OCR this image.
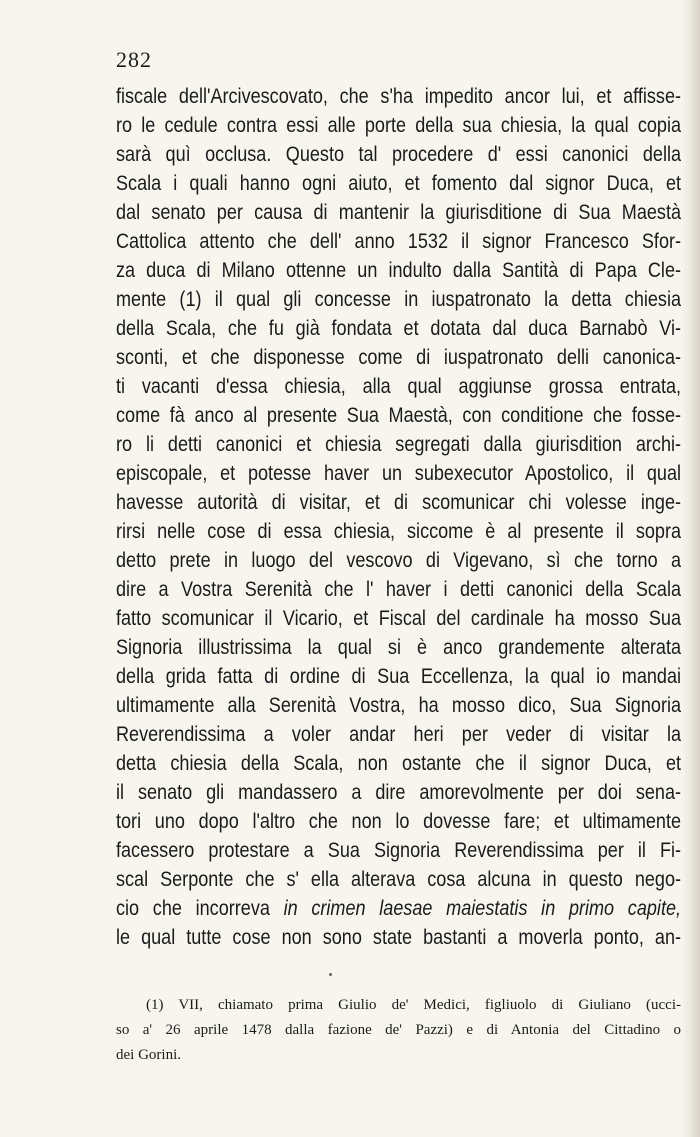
282
fiscale dell'Arcivescovato, che s'ha impedito ancor lui, et affisse-
ro le cedule contra essi alle porte della sua chiesia, la qual copia
sarà quì occlusa. Questo tal procedere d' essi canonici della
Scala i quali hanno ogni aiuto, et fomento dal signor Duca, et
dal senato per causa di mantenir la giurisditione di Sua Maestà
Cattolica attento che dell' anno 1532 il signor Francesco Sfor-
za duca di Milano ottenne un indulto dalla Santità di Papa Cle-
mente (1) il qual gli concesse in iuspatronato la detta chiesia
della Scala, che fu già fondata et dotata dal duca Barnabò Vi-
sconti, et che disponesse come di iuspatronato delli canonica-
ti vacanti d'essa chiesia, alla qual aggiunse grossa entrata,
come fà anco al presente Sua Maestà, con conditione che fosse-
ro li detti canonici et chiesia segregati dalla giurisdition archi-
episcopale, et potesse haver un subexecutor Apostolico, il qual
havesse autorità di visitar, et di scomunicar chi volesse inge-
rirsi nelle cose di essa chiesia, siccome è al presente il sopra
detto prete in luogo del vescovo di Vigevano, sì che torno a
dire a Vostra Serenità che l' haver i detti canonici della Scala
fatto scomunicar il Vicario, et Fiscal del cardinale ha mosso Sua
Signoria illustrissima la qual si è anco grandemente alterata
della grida fatta di ordine di Sua Eccellenza, la qual io mandai
ultimamente alla Serenità Vostra, ha mosso dico, Sua Signoria
Reverendissima a voler andar heri per veder di visitar la
detta chiesia della Scala, non ostante che il signor Duca, et
il senato gli mandassero a dire amorevolmente per doi sena-
tori uno dopo l'altro che non lo dovesse fare; et ultimamente
facessero protestare a Sua Signoria Reverendissima per il Fi-
scal Serponte che s' ella alterava cosa alcuna in questo nego-
cio che incorreva in crimen laesae maiestatis in primo capite,
le qual tutte cose non sono state bastanti a moverla ponto, an-
(1) VII, chiamato prima Giulio de' Medici, figliuolo di Giuliano (ucci-
so a' 26 aprile 1478 dalla fazione de' Pazzi) e di Antonia del Cittadino o
dei Gorini.
